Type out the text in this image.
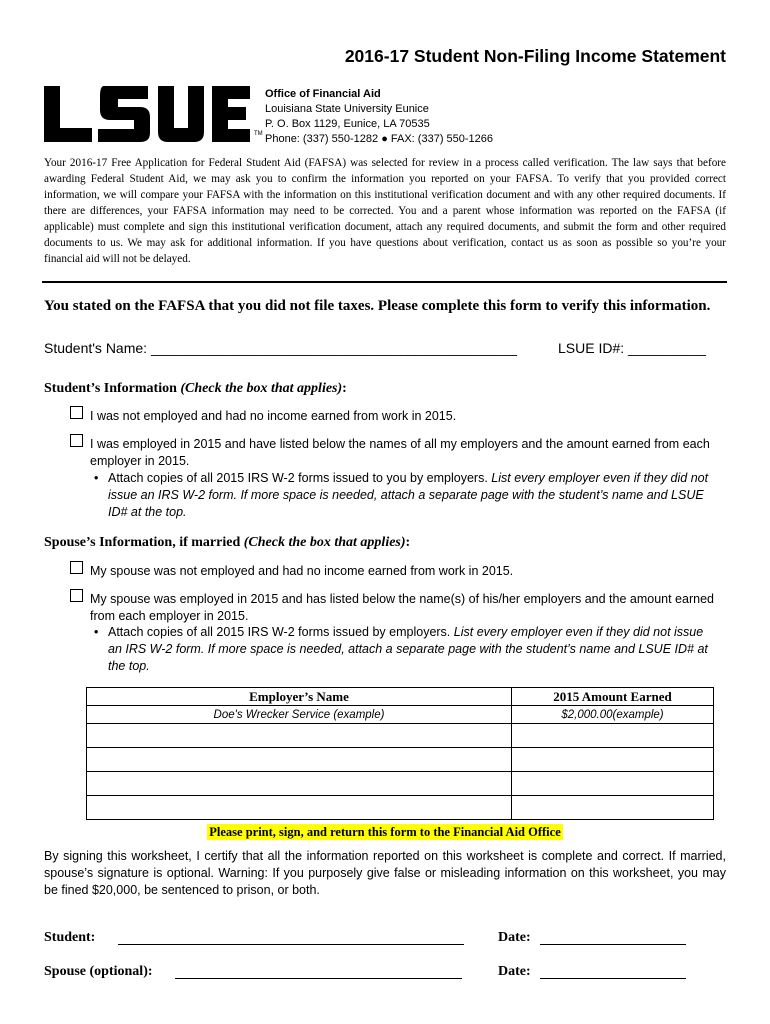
2016-17 Student Non-Filing Income Statement
TM
Office of Financial Aid
Louisiana State University Eunice
P. O. Box 1129, Eunice, LA 70535
Phone: (337) 550-1282 ● FAX: (337) 550-1266
Your 2016-17 Free Application for Federal Student Aid (FAFSA) was selected for review in a process called verification. The law says that before awarding Federal Student Aid, we may ask you to confirm the information you reported on your FAFSA. To verify that you provided correct information, we will compare your FAFSA with the information on this institutional verification document and with any other required documents. If there are differences, your FAFSA information may need to be corrected. You and a parent whose information was reported on the FAFSA (if applicable) must complete and sign this institutional verification document, attach any required documents, and submit the form and other required documents to us. We may ask for additional information. If you have questions about verification, contact us as soon as possible so you’re your financial aid will not be delayed.
You stated on the FAFSA that you did not file taxes. Please complete this form to verify this information.
Student's Name: _______________________________________________	LSUE ID#: __________
Student’s Information (Check the box that applies):
I was not employed and had no income earned from work in 2015.
I was employed in 2015 and have listed below the names of all my employers and the amount earned from each employer in 2015.
• Attach copies of all 2015 IRS W-2 forms issued to you by employers. List every employer even if they did not issue an IRS W-2 form. If more space is needed, attach a separate page with the student’s name and LSUE ID# at the top.
Spouse’s Information, if married (Check the box that applies):
My spouse was not employed and had no income earned from work in 2015.
My spouse was employed in 2015 and has listed below the name(s) of his/her employers and the amount earned from each employer in 2015.
• Attach copies of all 2015 IRS W-2 forms issued by employers. List every employer even if they did not issue an IRS W-2 form. If more space is needed, attach a separate page with the student’s name and LSUE ID# at the top.
Employer’s Name	2015 Amount Earned
Doe's Wrecker Service (example)	$2,000.00(example)

Please print, sign, and return this form to the Financial Aid Office
By signing this worksheet, I certify that all the information reported on this worksheet is complete and correct. If married, spouse’s signature is optional. Warning: If you purposely give false or misleading information on this worksheet, you may be fined $20,000, be sentenced to prison, or both.
Student:	Date:
Spouse (optional):	Date:
